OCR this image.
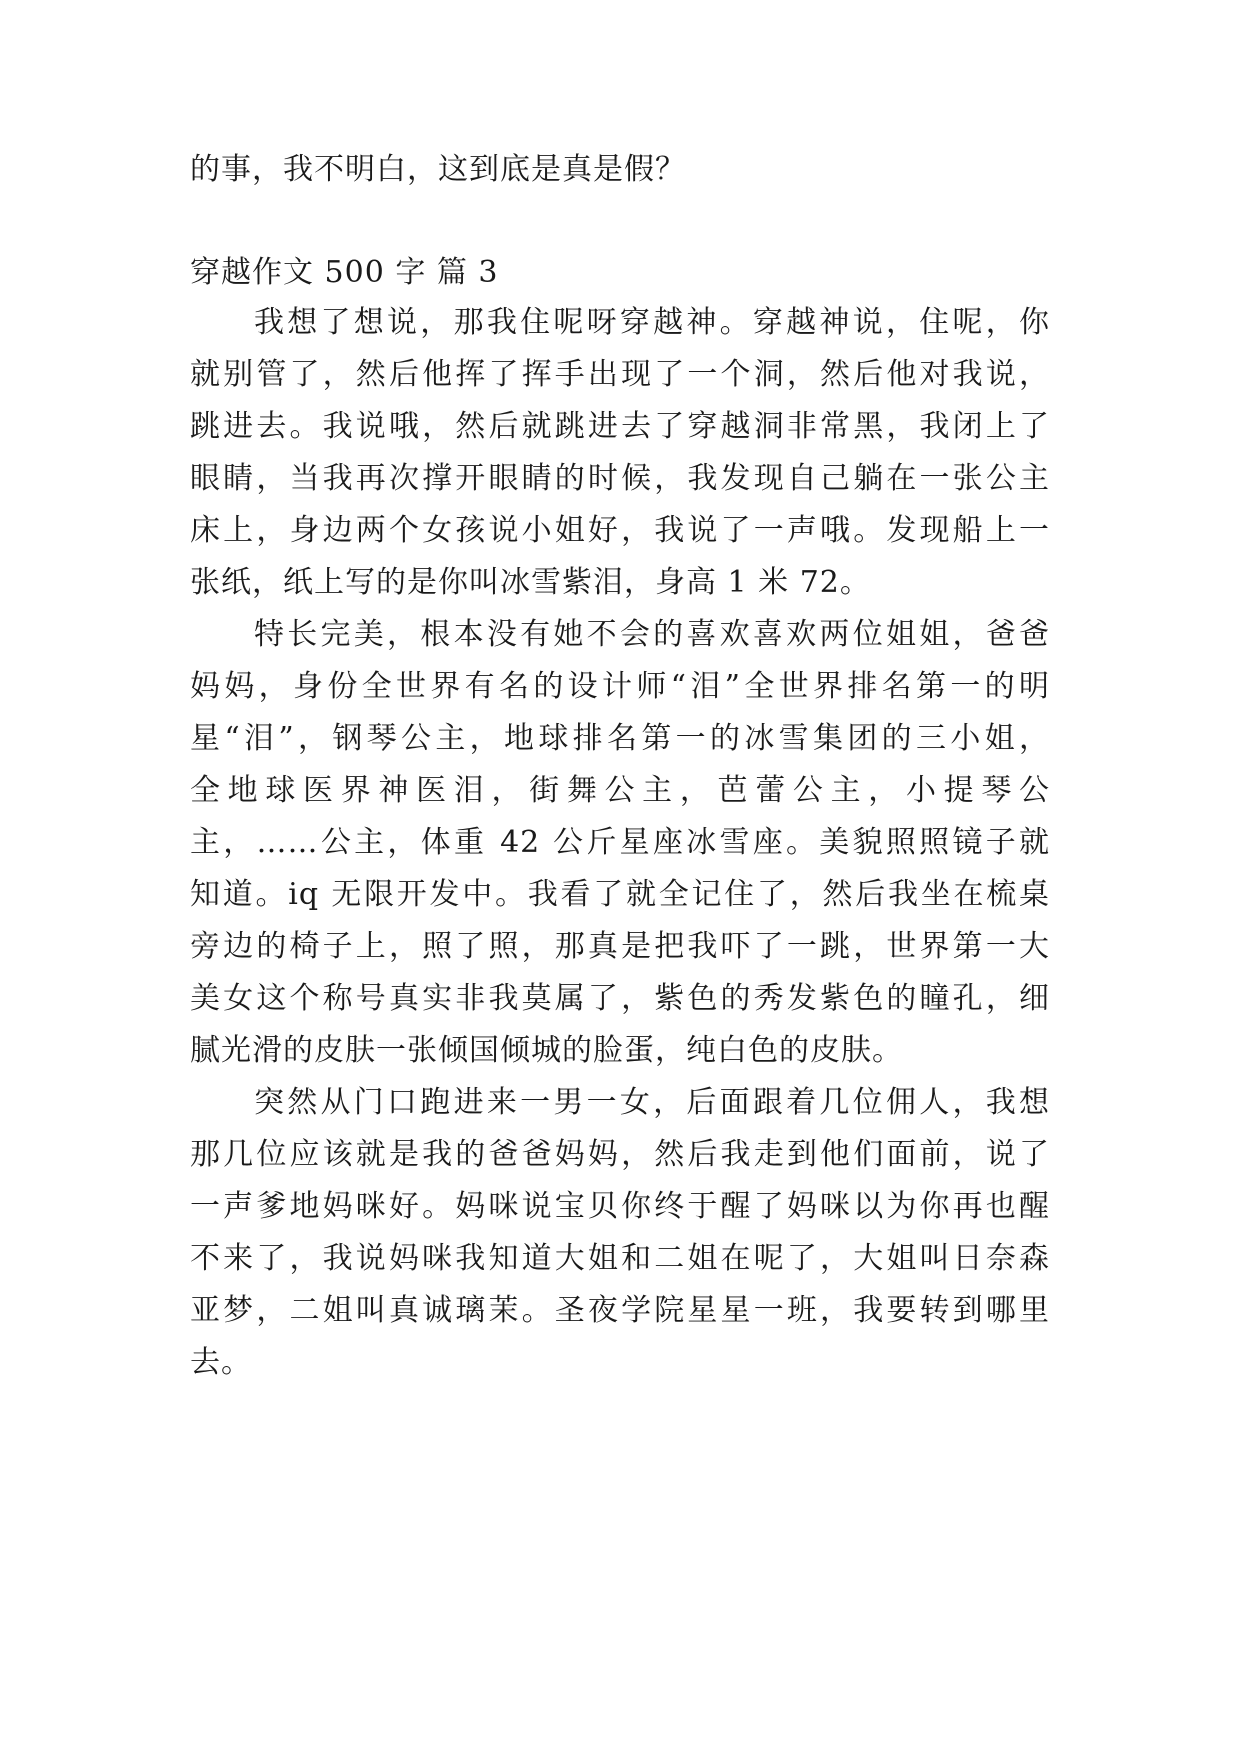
的事，我不明白，这到底是真是假？
穿越作文 500 字 篇 3
我想了想说，那我住呢呀穿越神。穿越神说，住呢，你
就别管了，然后他挥了挥手出现了一个洞，然后他对我说，
跳进去。我说哦，然后就跳进去了穿越洞非常黑，我闭上了
眼睛，当我再次撑开眼睛的时候，我发现自己躺在一张公主
床上，身边两个女孩说小姐好，我说了一声哦。发现船上一
张纸，纸上写的是你叫冰雪紫泪，身高 1 米 72。
特长完美，根本没有她不会的喜欢喜欢两位姐姐，爸爸
妈妈，身份全世界有名的设计师“泪”全世界排名第一的明
星“泪”，钢琴公主，地球排名第一的冰雪集团的三小姐，
全地球医界神医泪，街舞公主，芭蕾公主，小提琴公
主，……公主，体重 42 公斤星座冰雪座。美貌照照镜子就
知道。iq 无限开发中。我看了就全记住了，然后我坐在梳桌
旁边的椅子上，照了照，那真是把我吓了一跳，世界第一大
美女这个称号真实非我莫属了，紫色的秀发紫色的瞳孔，细
腻光滑的皮肤一张倾国倾城的脸蛋，纯白色的皮肤。
突然从门口跑进来一男一女，后面跟着几位佣人，我想
那几位应该就是我的爸爸妈妈，然后我走到他们面前，说了
一声爹地妈咪好。妈咪说宝贝你终于醒了妈咪以为你再也醒
不来了，我说妈咪我知道大姐和二姐在呢了，大姐叫日奈森
亚梦，二姐叫真诚璃茉。圣夜学院星星一班，我要转到哪里
去。
